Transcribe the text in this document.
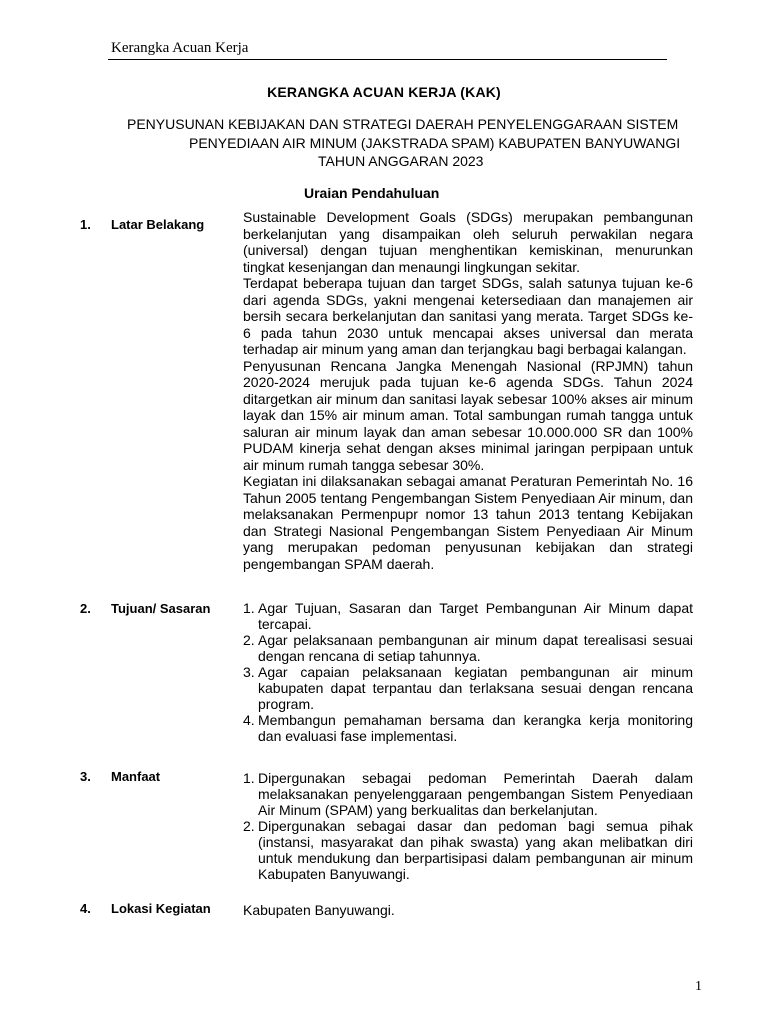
Kerangka Acuan Kerja
KERANGKA ACUAN KERJA (KAK)
PENYUSUNAN KEBIJAKAN DAN STRATEGI DAERAH PENYELENGGARAAN SISTEM
PENYEDIAAN AIR MINUM (JAKSTRADA SPAM) KABUPATEN BANYUWANGI
TAHUN ANGGARAN 2023
Uraian Pendahuluan
1. Latar Belakang	Sustainable Development Goals (SDGs) merupakan pembangunan berkelanjutan yang disampaikan oleh seluruh perwakilan negara (universal) dengan tujuan menghentikan kemiskinan, menurunkan tingkat kesenjangan dan menaungi lingkungan sekitar.

Terdapat beberapa tujuan dan target SDGs, salah satunya tujuan ke-6 dari agenda SDGs, yakni mengenai ketersediaan dan manajemen air bersih secara berkelanjutan dan sanitasi yang merata. Target SDGs ke-6 pada tahun 2030 untuk mencapai akses universal dan merata terhadap air minum yang aman dan terjangkau bagi berbagai kalangan.

Penyusunan Rencana Jangka Menengah Nasional (RPJMN) tahun 2020-2024 merujuk pada tujuan ke-6 agenda SDGs. Tahun 2024 ditargetkan air minum dan sanitasi layak sebesar 100% akses air minum layak dan 15% air minum aman. Total sambungan rumah tangga untuk saluran air minum layak dan aman sebesar 10.000.000 SR dan 100% PUDAM kinerja sehat dengan akses minimal jaringan perpipaan untuk air minum rumah tangga sebesar 30%.

Kegiatan ini dilaksanakan sebagai amanat Peraturan Pemerintah No. 16 Tahun 2005 tentang Pengembangan Sistem Penyediaan Air minum, dan melaksanakan Permenpupr nomor 13 tahun 2013 tentang Kebijakan dan Strategi Nasional Pengembangan Sistem Penyediaan Air Minum yang merupakan pedoman penyusunan kebijakan dan strategi pengembangan SPAM daerah.

2. Tujuan/ Sasaran 1. Agar Tujuan, Sasaran dan Target Pembangunan Air Minum dapat tercapai.
2. Agar pelaksanaan pembangunan air minum dapat terealisasi sesuai dengan rencana di setiap tahunnya.
3. Agar capaian pelaksanaan kegiatan pembangunan air minum kabupaten dapat terpantau dan terlaksana sesuai dengan rencana program.
4. Membangun pemahaman bersama dan kerangka kerja monitoring dan evaluasi fase implementasi.
3. Manfaat	1. Dipergunakan sebagai pedoman Pemerintah Daerah dalam melaksanakan penyelenggaraan pengembangan Sistem Penyediaan Air Minum (SPAM) yang berkualitas dan berkelanjutan.
2. Dipergunakan sebagai dasar dan pedoman bagi semua pihak (instansi, masyarakat dan pihak swasta) yang akan melibatkan diri untuk mendukung dan berpartisipasi dalam pembangunan air minum Kabupaten Banyuwangi.
4. Lokasi Kegiatan Kabupaten Banyuwangi.
1
